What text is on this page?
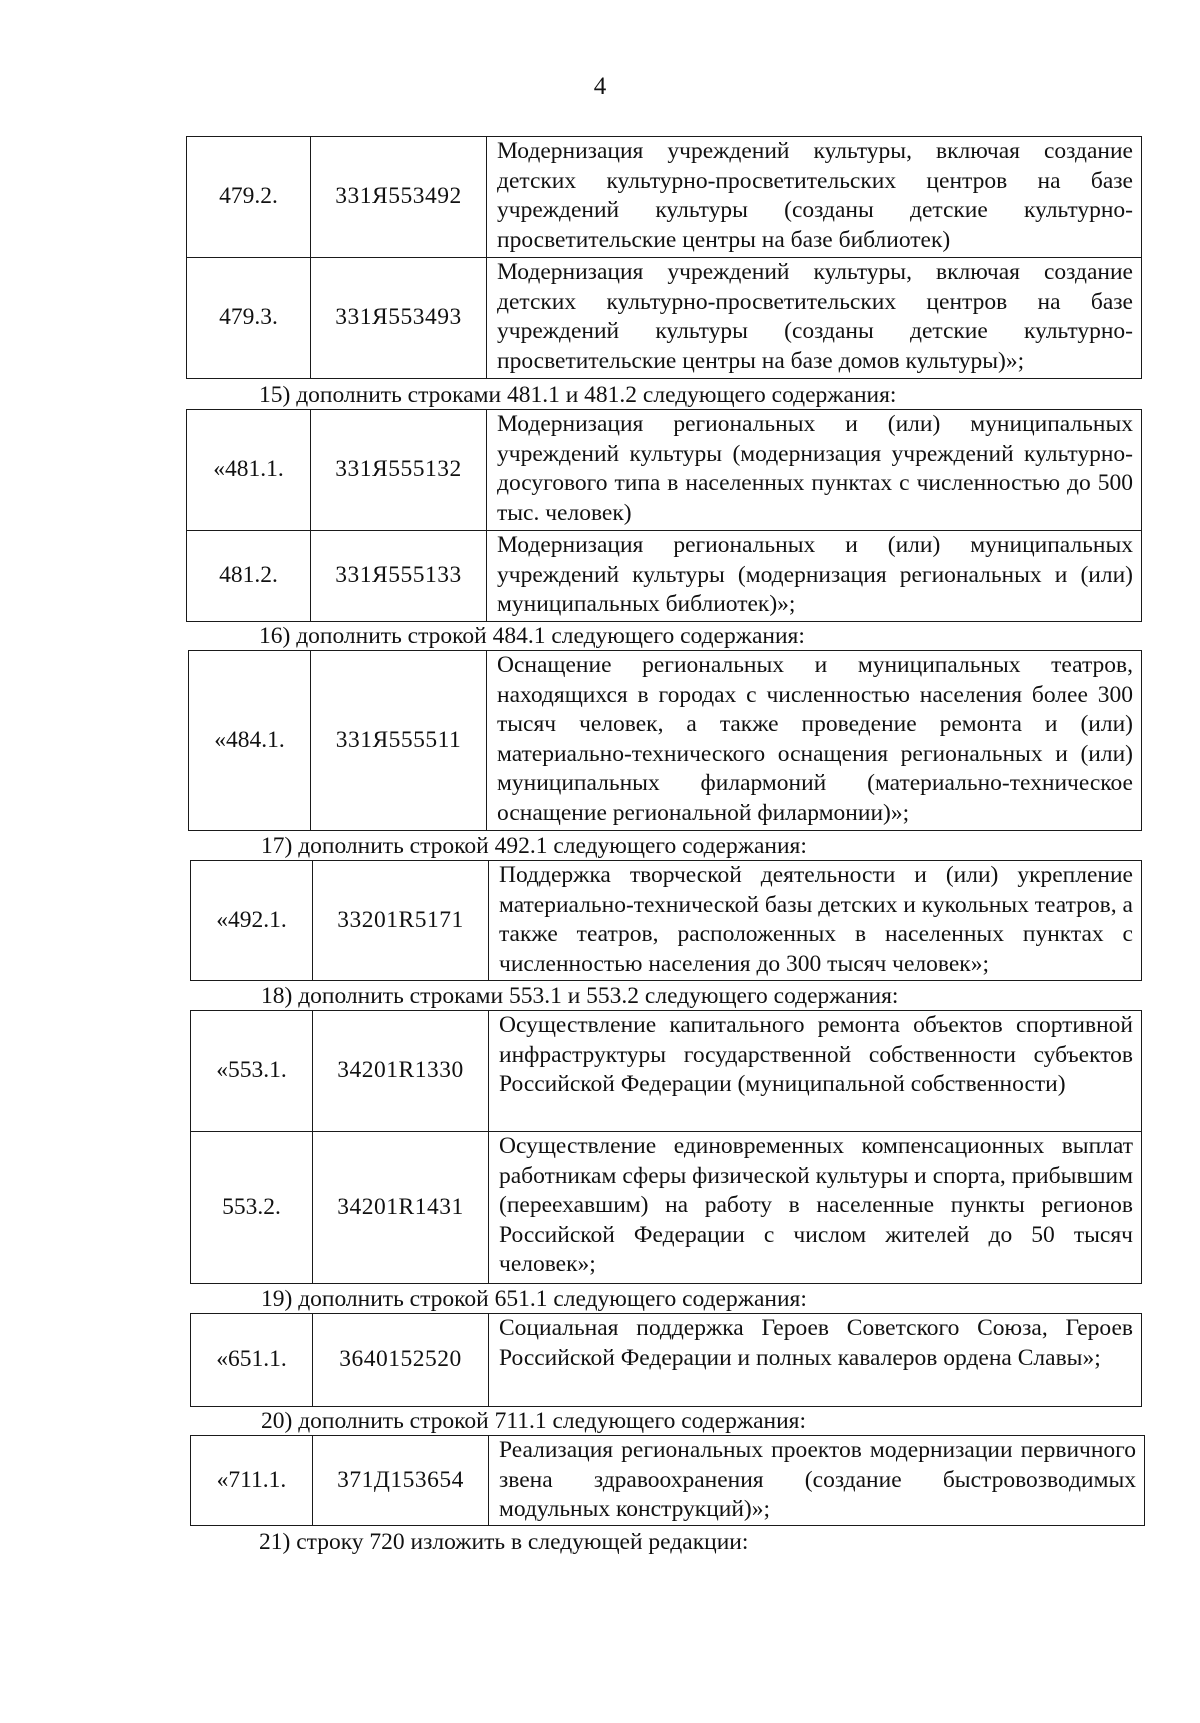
4
479.2.	331Я553492	Модернизация учреждений культуры, включая создание детских культурно-просветительских центров на базе учреждений культуры (созданы детские культурно-просветительские центры на базе библиотек)
479.3.	331Я553493	Модернизация учреждений культуры, включая создание детских культурно-просветительских центров на базе учреждений культуры (созданы детские культурно-просветительские центры на базе домов культуры)»;
15) дополнить строками 481.1 и 481.2 следующего содержания:
«481.1.	331Я555132	Модернизация региональных и (или) муниципальных учреждений культуры (модернизация учреждений культурно-досугового типа в населенных пунктах с численностью до 500 тыс. человек)
481.2.	331Я555133	Модернизация региональных и (или) муниципальных учреждений культуры (модернизация региональных и (или) муниципальных библиотек)»;
16) дополнить строкой 484.1 следующего содержания:
«484.1.	331Я555511	Оснащение региональных и муниципальных театров, находящихся в городах с численностью населения более 300 тысяч человек, а также проведение ремонта и (или) материально-технического оснащения региональных и (или) муниципальных филармоний (материально-техническое оснащение региональной филармонии)»;
17) дополнить строкой 492.1 следующего содержания:
«492.1.	33201R5171	Поддержка творческой деятельности и (или) укрепление материально-технической базы детских и кукольных театров, а также театров, расположенных в населенных пунктах с численностью населения до 300 тысяч человек»;
18) дополнить строками 553.1 и 553.2 следующего содержания:
«553.1.	34201R1330	Осуществление капитального ремонта объектов спортивной инфраструктуры государственной собственности субъектов Российской Федерации (муниципальной собственности)
553.2.	34201R1431	Осуществление единовременных компенсационных выплат работникам сферы физической культуры и спорта, прибывшим (переехавшим) на работу в населенные пункты регионов Российской Федерации с числом жителей до 50 тысяч человек»;
19) дополнить строкой 651.1 следующего содержания:
«651.1.	3640152520	Социальная поддержка Героев Советского Союза, Героев Российской Федерации и полных кавалеров ордена Славы»;
20) дополнить строкой 711.1 следующего содержания:
«711.1.	371Д153654	Реализация региональных проектов модернизации первичного звена здравоохранения (создание быстровозводимых модульных конструкций)»;
21) строку 720 изложить в следующей редакции:
